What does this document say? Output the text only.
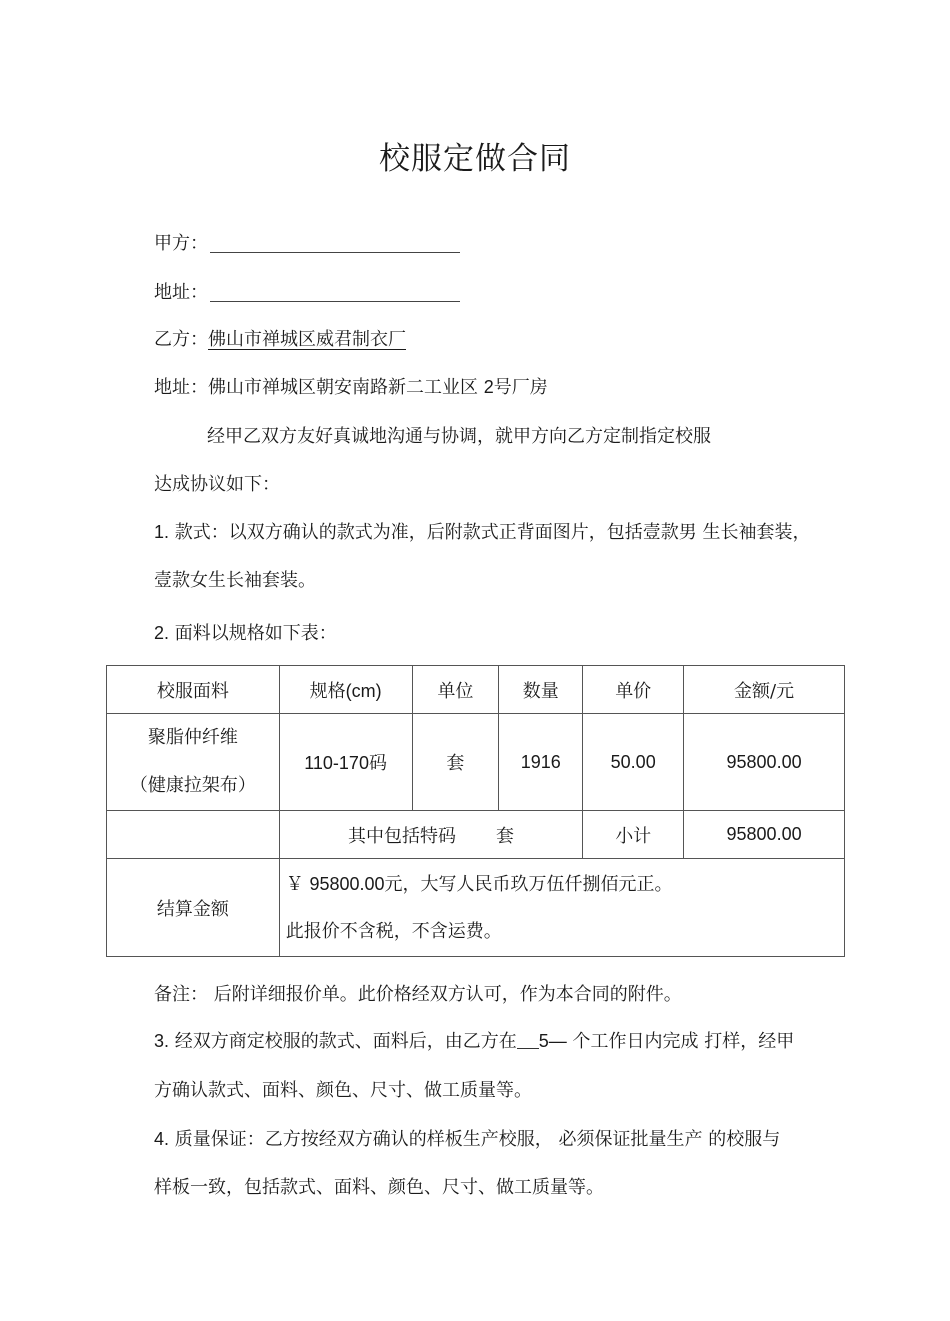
校服定做合同
甲方：
地址：
乙方：佛山市禅城区威君制衣厂
地址：佛山市禅城区朝安南路新二工业区 2号厂房
经甲乙双方友好真诚地沟通与协调，就甲方向乙方定制指定校服
达成协议如下：
1. 款式：以双方确认的款式为准，后附款式正背面图片，包括壹款男 生长袖套装，
壹款女生长袖套装。
2. 面料以规格如下表：
校服面料	规格(cm)	单位	数量	单价	金额/元

聚脂仲纤维
（健康拉架布）	110-170码	套	1916	50.00	95800.00
	其中包括特码 套			小计	95800.00
结算金额	￥ 95800.00元，大写人民币玖万伍仟捌佰元正。
此报价不含税，不含运费。				
备注： 后附详细报价单。此价格经双方认可，作为本合同的附件。
3. 经双方商定校服的款式、面料后，由乙方在 5— 个工作日内完成 打样，经甲
方确认款式、面料、颜色、尺寸、做工质量等。
4. 质量保证：乙方按经双方确认的样板生产校服， 必须保证批量生产 的校服与
样板一致，包括款式、面料、颜色、尺寸、做工质量等。
